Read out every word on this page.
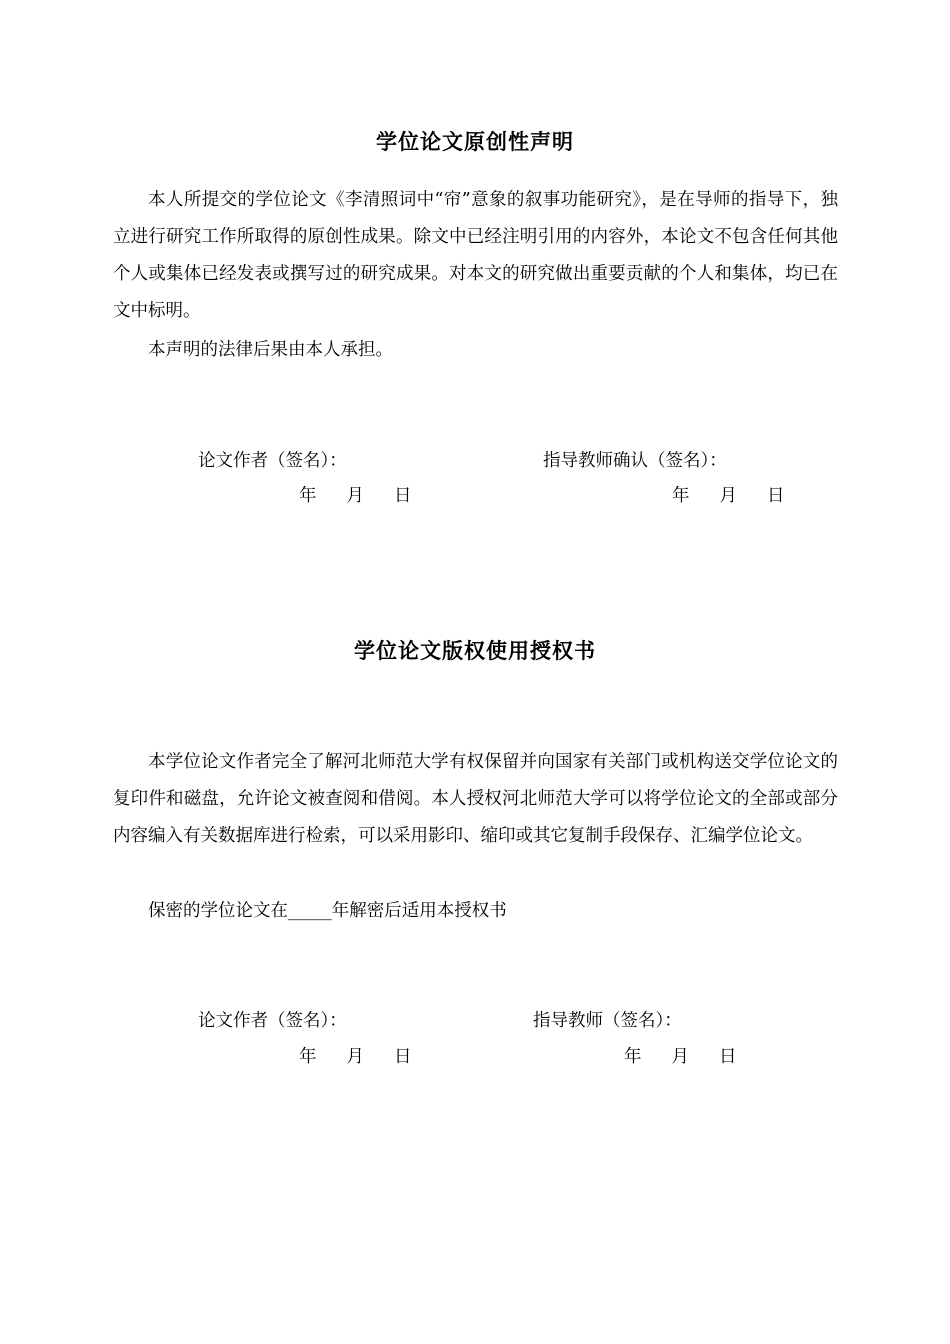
学位论文原创性声明
本人所提交的学位论文《李清照词中“帘”意象的叙事功能研究》，是在导师的指导下，独立进行研究工作所取得的原创性成果。除文中已经注明引用的内容外，本论文不包含任何其他个人或集体已经发表或撰写过的研究成果。对本文的研究做出重要贡献的个人和集体，均已在文中标明。
本声明的法律后果由本人承担。
论文作者（签名）：	指导教师确认（签名）：
年 月 日	年 月 日
学位论文版权使用授权书
本学位论文作者完全了解河北师范大学有权保留并向国家有关部门或机构送交学位论文的复印件和磁盘，允许论文被查阅和借阅。本人授权河北师范大学可以将学位论文的全部或部分内容编入有关数据库进行检索，可以采用影印、缩印或其它复制手段保存、汇编学位论文。
保密的学位论文在_____年解密后适用本授权书
论文作者（签名）：	指导教师（签名）：
年 月 日	年 月 日
